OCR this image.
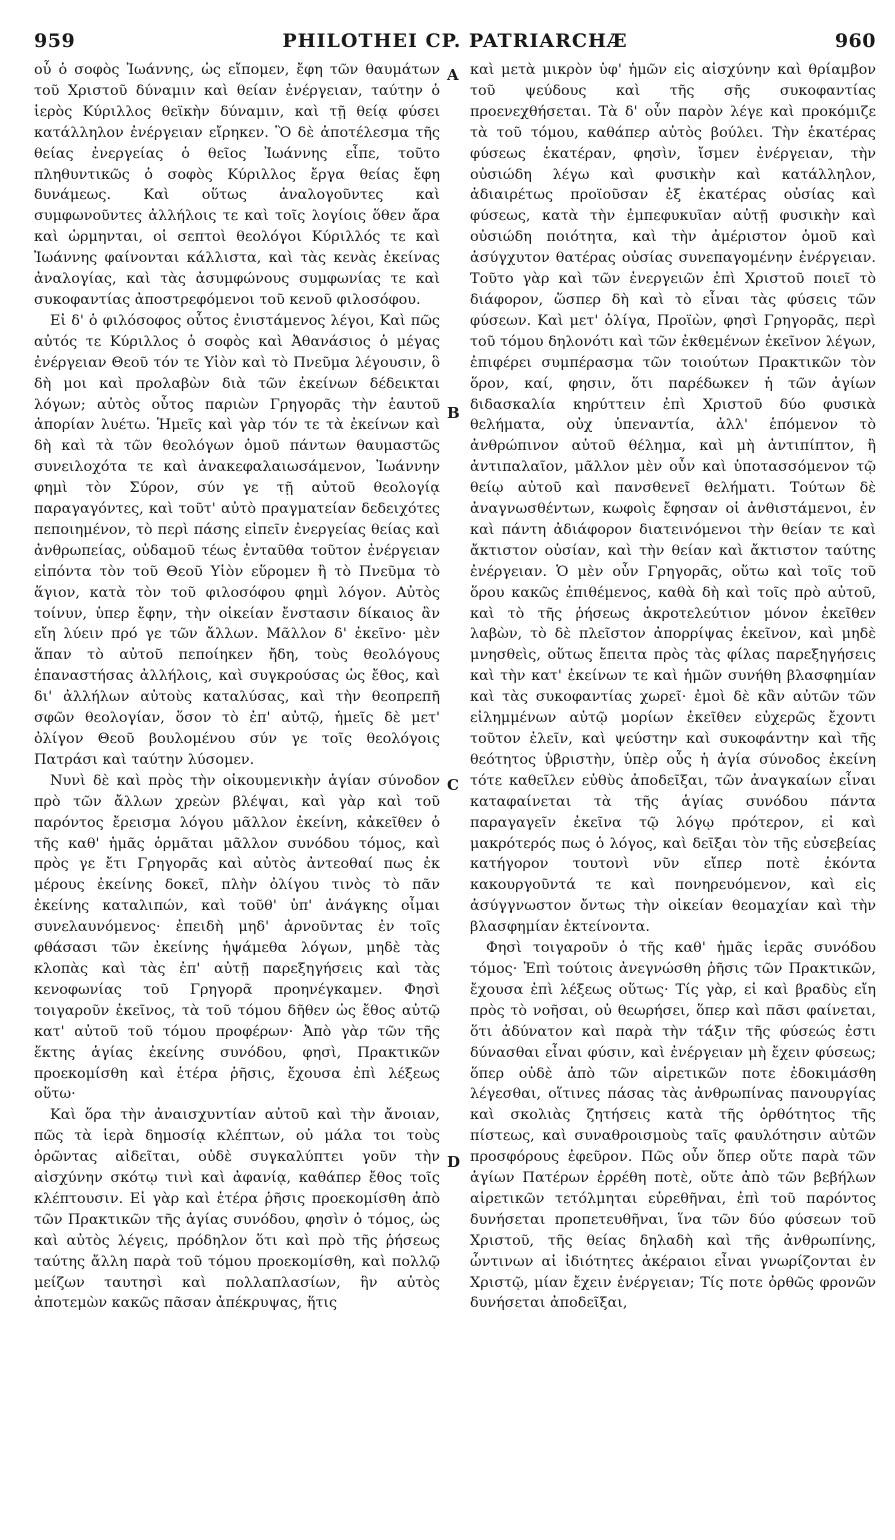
959	PHILOTHEI CP. PATRIARCHÆ	960

οὗ ὁ σοφὸς Ἰωάννης, ὡς εἴπομεν, ἔφη τῶν θαυμάτων τοῦ Χριστοῦ δύναμιν καὶ θείαν ἐνέργειαν, ταύτην ὁ ἱερὸς Κύριλλος θεϊκὴν δύναμιν, καὶ τῇ θείᾳ φύσει κατάλληλον ἐνέργειαν εἴρηκεν. Ὃ δὲ ἀποτέλεσμα τῆς θείας ἐνεργείας ὁ θεῖος Ἰωάννης εἶπε, τοῦτο πληθυντικῶς ὁ σοφὸς Κύριλλος ἔργα θείας ἔφη δυνάμεως. Καὶ οὕτως ἀναλογοῦντες καὶ συμφωνοῦντες ἀλλήλοις τε καὶ τοῖς λογίοις ὅθεν ἄρα καὶ ὡρμηνται, οἱ σεπτοὶ θεολόγοι Κύριλλός τε καὶ Ἰωάννης φαίνονται κάλλιστα, καὶ τὰς κενὰς ἐκείνας ἀναλογίας, καὶ τὰς ἀσυμφώνους συμφωνίας τε καὶ συκοφαντίας ἀποστρεφόμενοι τοῦ κενοῦ φιλοσόφου.

Εἰ δ' ὁ φιλόσοφος οὗτος ἐνιστάμενος λέγοι, Καὶ πῶς αὐτός τε Κύριλλος ὁ σοφὸς καὶ Ἀθανάσιος ὁ μέγας ἐνέργειαν Θεοῦ τόν τε Υἱὸν καὶ τὸ Πνεῦμα λέγουσιν, ὃ δὴ μοι καὶ προλαβὼν διὰ τῶν ἐκείνων δέδεικται λόγων; αὐτὸς οὗτος παριὼν Γρηγορᾶς τὴν ἑαυτοῦ ἀπορίαν λυέτω. Ἡμεῖς καὶ γὰρ τόν τε τὰ ἐκείνων καὶ δὴ καὶ τὰ τῶν θεολόγων ὁμοῦ πάντων θαυμαστῶς συνειλοχότα τε καὶ ἀνακεφαλαιωσάμενον, Ἰωάννην φημὶ τὸν Σύρον, σύν γε τῇ αὐτοῦ θεολογίᾳ παραγαγόντες, καὶ τοῦτ' αὐτὸ πραγματείαν δεδειχότες πεποιημένον, τὸ περὶ πάσης εἰπεῖν ἐνεργείας θείας καὶ ἀνθρωπείας, οὐδαμοῦ τέως ἐνταῦθα τοῦτον ἐνέργειαν εἰπόντα τὸν τοῦ Θεοῦ Υἱὸν εὕρομεν ἢ τὸ Πνεῦμα τὸ ἅγιον, κατὰ τὸν τοῦ φιλοσόφου φημὶ λόγον. Αὐτὸς τοίνυν, ὑπερ ἔφην, τὴν οἰκείαν ἔνστασιν δίκαιος ἂν εἴη λύειν πρό γε τῶν ἄλλων. Μᾶλλον δ' ἐκεῖνο· μὲν ἅπαν τὸ αὐτοῦ πεποίηκεν ἤδη, τοὺς θεολόγους ἐπαναστήσας ἀλλήλοις, καὶ συγκρούσας ὡς ἔθος, καὶ δι' ἀλλήλων αὐτοὺς καταλύσας, καὶ τὴν θεοπρεπῆ σφῶν θεολογίαν, ὅσον τὸ ἐπ' αὐτῷ, ἡμεῖς δὲ μετ' ὀλίγον Θεοῦ βουλομένου σύν γε τοῖς θεολόγοις Πατράσι καὶ ταύτην λύσομεν.

Νυνὶ δὲ καὶ πρὸς τὴν οἰκουμενικὴν ἁγίαν σύνοδον πρὸ τῶν ἄλλων χρεὼν βλέψαι, καὶ γὰρ καὶ τοῦ παρόντος ἔρεισμα λόγου μᾶλλον ἐκείνη, κἀκεῖθεν ὁ τῆς καθ' ἡμᾶς ὁρμᾶται μᾶλλον συνόδου τόμος, καὶ πρὸς γε ἔτι Γρηγορᾶς καὶ αὐτὸς ἀντεοθαί πως ἐκ μέρους ἐκείνης δοκεῖ, πλὴν ὀλίγου τινὸς τὸ πᾶν ἐκείνης καταλιπών, καὶ τοῦθ' ὑπ' ἀνάγκης οἶμαι συνελαυνόμενος· ἐπειδὴ μηδ' ἀρνοῦντας ἐν τοῖς φθάσασι τῶν ἐκείνης ἡψάμεθα λόγων, μηδὲ τὰς κλοπὰς καὶ τὰς ἐπ' αὐτῇ παρεξηγήσεις καὶ τὰς κενοφωνίας τοῦ Γρηγορᾶ προηνέγκαμεν. Φησὶ τοιγαροῦν ἐκεῖνος, τὰ τοῦ τόμου δῆθεν ὡς ἔθος αὐτῷ κατ' αὐτοῦ τοῦ τόμου προφέρων· Ἀπὸ γὰρ τῶν τῆς ἕκτης ἁγίας ἐκείνης συνόδου, φησὶ, Πρακτικῶν προεκομίσθη καὶ ἑτέρα ῥῆσις, ἔχουσα ἐπὶ λέξεως οὕτω·

Καὶ ὅρα τὴν ἀναισχυντίαν αὐτοῦ καὶ τὴν ἄνοιαν, πῶς τὰ ἱερὰ δημοσίᾳ κλέπτων, οὐ μάλα τοι τοὺς ὁρῶντας αἰδεῖται, οὐδὲ συγκαλύπτει γοῦν τὴν αἰσχύνην σκότῳ τινὶ καὶ ἀφανίᾳ, καθάπερ ἔθος τοῖς κλέπτουσιν. Εἰ γὰρ καὶ ἑτέρα ῥῆσις προεκομίσθη ἀπὸ τῶν Πρακτικῶν τῆς ἁγίας συνόδου, φησὶν ὁ τόμος, ὡς καὶ αὐτὸς λέγεις, πρόδηλον ὅτι καὶ πρὸ τῆς ῥήσεως ταύτης ἄλλη παρὰ τοῦ τόμου προεκομίσθη, καὶ πολλῷ μείζων ταυτησὶ καὶ πολλαπλασίων, ἣν αὐτὸς ἀποτεμὼν κακῶς πᾶσαν ἀπέκρυψας, ἥτις

A
B
C
D

καὶ μετὰ μικρὸν ὑφ' ἡμῶν εἰς αἰσχύνην καὶ θρίαμβον τοῦ ψεύδους καὶ τῆς σῆς συκοφαντίας προενεχθήσεται. Τὰ δ' οὖν παρὸν λέγε καὶ προκόμιζε τὰ τοῦ τόμου, καθάπερ αὐτὸς βούλει. Τὴν ἑκατέρας φύσεως ἑκατέραν, φησὶν, ἴσμεν ἐνέργειαν, τὴν οὐσιώδη λέγω καὶ φυσικὴν καὶ κατάλληλον, ἀδιαιρέτως προϊοῦσαν ἐξ ἑκατέρας οὐσίας καὶ φύσεως, κατὰ τὴν ἐμπεφυκυῖαν αὐτῇ φυσικὴν καὶ οὐσιώδη ποιότητα, καὶ τὴν ἀμέριστον ὁμοῦ καὶ ἀσύγχυτον θατέρας οὐσίας συνεπαγομένην ἐνέργειαν. Τοῦτο γὰρ καὶ τῶν ἐνεργειῶν ἐπὶ Χριστοῦ ποιεῖ τὸ διάφορον, ὥσπερ δὴ καὶ τὸ εἶναι τὰς φύσεις τῶν φύσεων. Καὶ μετ' ὀλίγα, Προϊὼν, φησὶ Γρηγορᾶς, περὶ τοῦ τόμου δηλονότι καὶ τῶν ἐκθεμένων ἐκεῖνον λέγων, ἐπιφέρει συμπέρασμα τῶν τοιούτων Πρακτικῶν τὸν ὅρον, καί, φησιν, ὅτι παρέδωκεν ἡ τῶν ἁγίων διδασκαλία κηρύττειν ἐπὶ Χριστοῦ δύο φυσικὰ θελήματα, οὐχ ὑπεναντία, ἀλλ' ἑπόμενον τὸ ἀνθρώπινον αὐτοῦ θέλημα, καὶ μὴ ἀντιπίπτον, ἢ ἀντιπαλαῖον, μᾶλλον μὲν οὖν καὶ ὑποτασσόμενον τῷ θείῳ αὐτοῦ καὶ πανσθενεῖ θελήματι. Τούτων δὲ ἀναγνωσθέντων, κωφοὶς ἔφησαν οἱ ἀνθιστάμενοι, ἐν καὶ πάντη ἀδιάφορον διατεινόμενοι τὴν θείαν τε καὶ ἄκτιστον οὐσίαν, καὶ τὴν θείαν καὶ ἄκτιστον ταύτης ἐνέργειαν. Ὁ μὲν οὖν Γρηγορᾶς, οὕτω καὶ τοῖς τοῦ ὅρου κακῶς ἐπιθέμενος, καθὰ δὴ καὶ τοῖς πρὸ αὐτοῦ, καὶ τὸ τῆς ῥήσεως ἀκροτελεύτιον μόνον ἐκεῖθεν λαβὼν, τὸ δὲ πλεῖστον ἀπορρίψας ἐκεῖνον, καὶ μηδὲ μνησθεὶς, οὕτως ἔπειτα πρὸς τὰς φίλας παρεξηγήσεις καὶ τὴν κατ' ἐκείνων τε καὶ ἡμῶν συνήθη βλασφημίαν καὶ τὰς συκοφαντίας χωρεῖ· ἐμοὶ δὲ κἂν αὐτῶν τῶν εἰλημμένων αὐτῷ μορίων ἐκεῖθεν εὐχερῶς ἔχοντι τοῦτον ἐλεῖν, καὶ ψεύστην καὶ συκοφάντην καὶ τῆς θεότητος ὑβριστὴν, ὑπὲρ οὗς ἡ ἁγία σύνοδος ἐκείνη τότε καθεῖλεν εὐθὺς ἀποδεῖξαι, τῶν ἀναγκαίων εἶναι καταφαίνεται τὰ τῆς ἁγίας συνόδου πάντα παραγαγεῖν ἐκεῖνα τῷ λόγῳ πρότερον, εἰ καὶ μακρότερός πως ὁ λόγος, καὶ δεῖξαι τὸν τῆς εὐσεβείας κατήγορον τουτονὶ νῦν εἴπερ ποτὲ ἑκόντα κακουργοῦντά τε καὶ πονηρευόμενον, καὶ εἰς ἀσύγγνωστον ὄντως τὴν οἰκείαν θεομαχίαν καὶ τὴν βλασφημίαν ἐκτείνοντα.

Φησὶ τοιγαροῦν ὁ τῆς καθ' ἡμᾶς ἱερᾶς συνόδου τόμος· Ἐπὶ τούτοις ἀνεγνώσθη ῥῆσις τῶν Πρακτικῶν, ἔχουσα ἐπὶ λέξεως οὕτως· Τίς γὰρ, εἰ καὶ βραδὺς εἴη πρὸς τὸ νοῆσαι, οὐ θεωρήσει, ὅπερ καὶ πᾶσι φαίνεται, ὅτι ἀδύνατον καὶ παρὰ τὴν τάξιν τῆς φύσεώς ἐστι δύνασθαι εἶναι φύσιν, καὶ ἐνέργειαν μὴ ἔχειν φύσεως; ὅπερ οὐδὲ ἀπὸ τῶν αἱρετικῶν ποτε ἐδοκιμάσθη λέγεσθαι, οἵτινες πάσας τὰς ἀνθρωπίνας πανουργίας καὶ σκολιὰς ζητήσεις κατὰ τῆς ὀρθότητος τῆς πίστεως, καὶ συναθροισμοὺς ταῖς φαυλότησιν αὐτῶν προσφόρους ἐφεῦρον. Πῶς οὖν ὅπερ οὔτε παρὰ τῶν ἁγίων Πατέρων ἐρρέθη ποτὲ, οὔτε ἀπὸ τῶν βεβήλων αἱρετικῶν τετόλμηται εὑρεθῆναι, ἐπὶ τοῦ παρόντος δυνήσεται προπετευθῆναι, ἵνα τῶν δύο φύσεων τοῦ Χριστοῦ, τῆς θείας δηλαδὴ καὶ τῆς ἀνθρωπίνης, ὧντινων αἱ ἰδιότητες ἀκέραιοι εἶναι γνωρίζονται ἐν Χριστῷ, μίαν ἔχειν ἐνέργειαν; Τίς ποτε ὀρθῶς φρονῶν δυνήσεται ἀποδεῖξαι,
